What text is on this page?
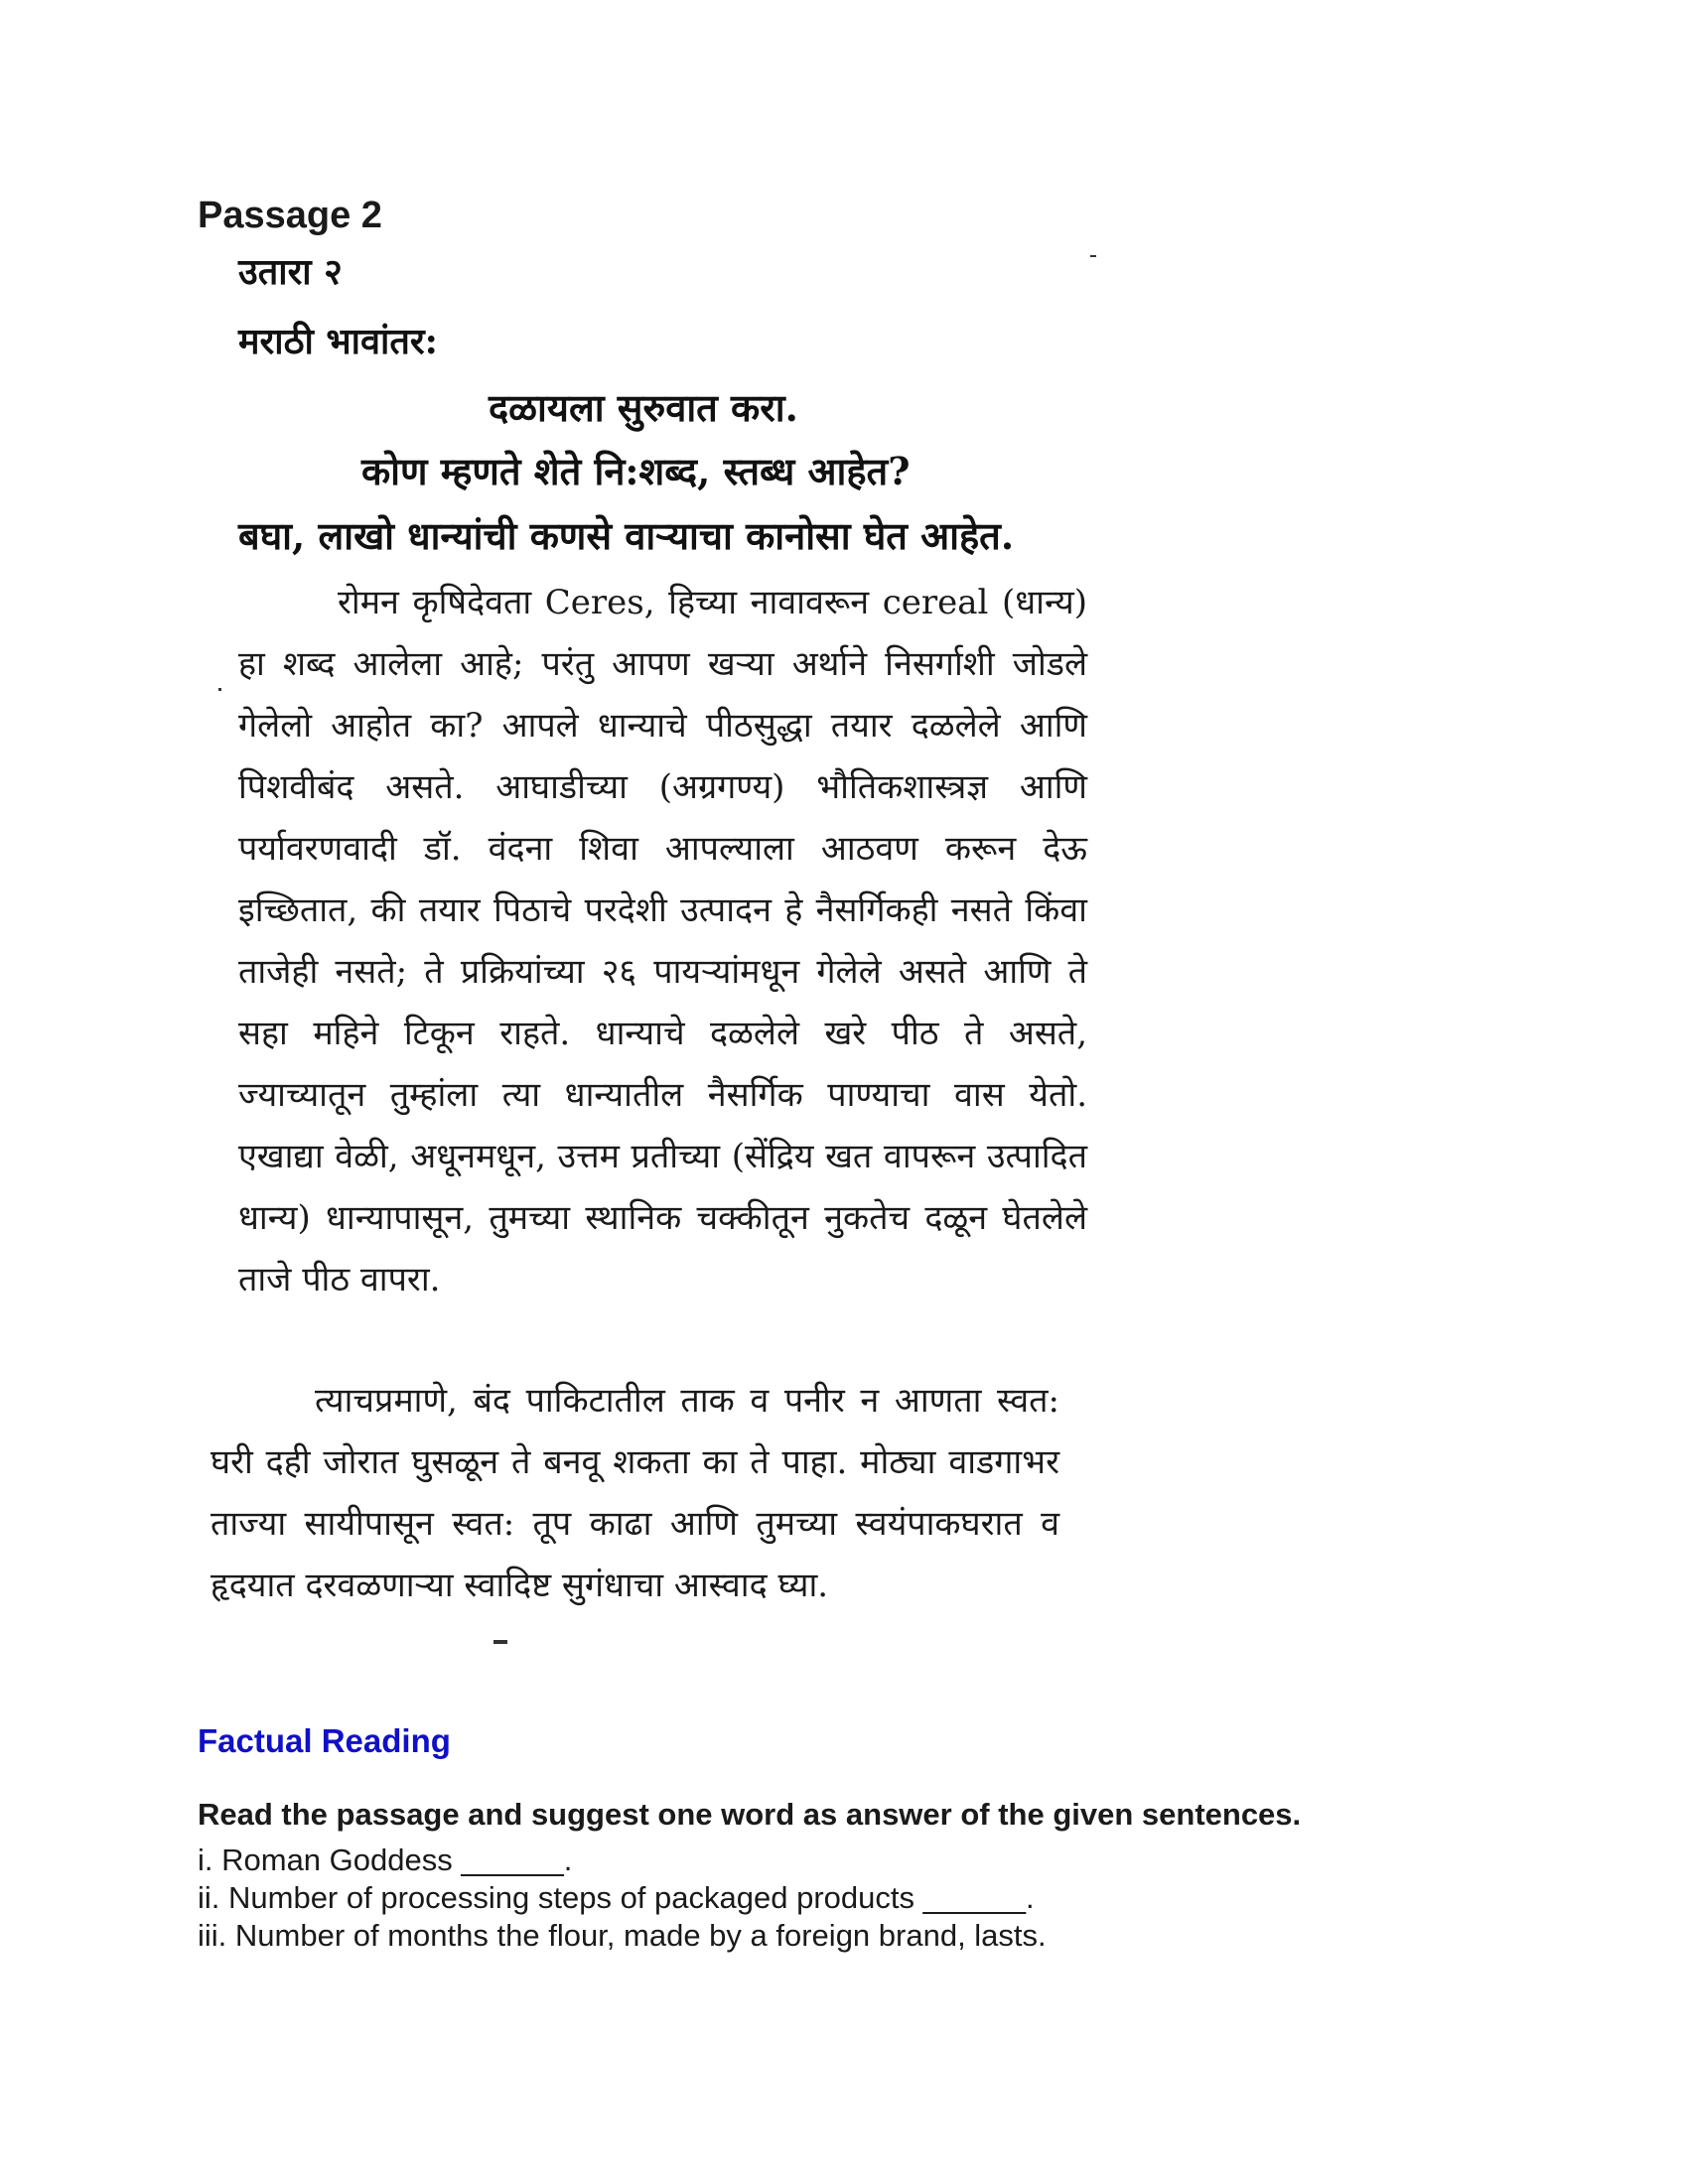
Passage 2
उतारा २
मराठी भावांतर:
दळायला सुरुवात करा.
कोण म्हणते शेते नि:शब्द, स्तब्ध आहेत?
बघा, लाखो धान्यांची कणसे वाऱ्याचा कानोसा घेत आहेत.
रोमन कृषिदेवता Ceres, हिच्या नावावरून cereal (धान्य) हा शब्द आलेला आहे; परंतु आपण खऱ्या अर्थाने निसर्गाशी जोडले गेलेलो आहोत का? आपले धान्याचे पीठसुद्धा तयार दळलेले आणि पिशवीबंद असते. आघाडीच्या (अग्रगण्य) भौतिकशास्त्रज्ञ आणि पर्यावरणवादी डॉ. वंदना शिवा आपल्याला आठवण करून देऊ इच्छितात, की तयार पिठाचे परदेशी उत्पादन हे नैसर्गिकही नसते किंवा ताजेही नसते; ते प्रक्रियांच्या २६ पायऱ्यांमधून गेलेले असते आणि ते सहा महिने टिकून राहते. धान्याचे दळलेले खरे पीठ ते असते, ज्याच्यातून तुम्हांला त्या धान्यातील नैसर्गिक पाण्याचा वास येतो. एखाद्या वेळी, अधूनमधून, उत्तम प्रतीच्या (सेंद्रिय खत वापरून उत्पादित धान्य) धान्यापासून, तुमच्या स्थानिक चक्कीतून नुकतेच दळून घेतलेले ताजे पीठ वापरा.
त्याचप्रमाणे, बंद पाकिटातील ताक व पनीर न आणता स्वत: घरी दही जोरात घुसळून ते बनवू शकता का ते पाहा. मोठ्या वाडगाभर ताज्या सायीपासून स्वत: तूप काढा आणि तुमच्या स्वयंपाकघरात व हृदयात दरवळणाऱ्या स्वादिष्ट सुगंधाचा आस्वाद घ्या.
Factual Reading
Read the passage and suggest one word as answer of the given sentences.
i. Roman Goddess ______.
ii. Number of processing steps of packaged products ______.
iii. Number of months the flour, made by a foreign brand, lasts.
